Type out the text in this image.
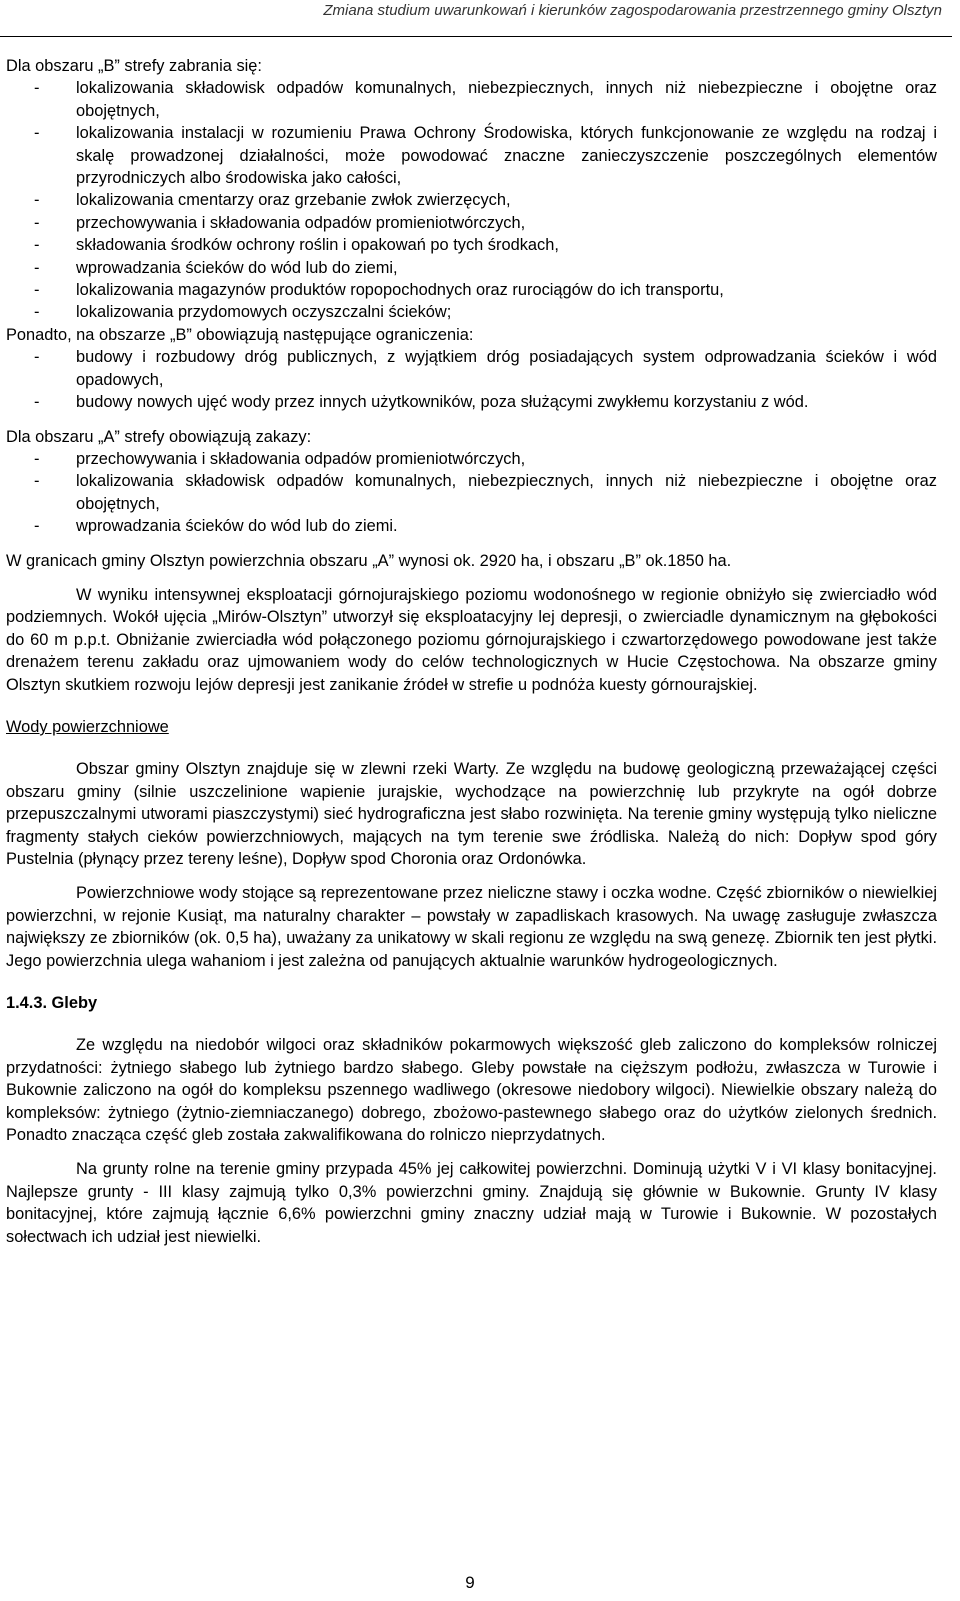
Zmiana studium uwarunkowań i kierunków zagospodarowania przestrzennego gminy Olsztyn

Dla obszaru „B” strefy zabrania się:

- lokalizowania składowisk odpadów komunalnych, niebezpiecznych, innych niż niebezpieczne i obojętne oraz obojętnych,
- lokalizowania instalacji w rozumieniu Prawa Ochrony Środowiska, których funkcjonowanie ze względu na rodzaj i skalę prowadzonej działalności, może powodować znaczne zanieczyszczenie poszczególnych elementów przyrodniczych albo środowiska jako całości,
- lokalizowania cmentarzy oraz grzebanie zwłok zwierzęcych,
- przechowywania i składowania odpadów promieniotwórczych,
- składowania środków ochrony roślin i opakowań po tych środkach,
- wprowadzania ścieków do wód lub do ziemi,
- lokalizowania magazynów produktów ropopochodnych oraz rurociągów do ich transportu,
- lokalizowania przydomowych oczyszczalni ścieków;

Ponadto, na obszarze „B” obowiązują następujące ograniczenia:

- budowy i rozbudowy dróg publicznych, z wyjątkiem dróg posiadających system odprowadzania ścieków i wód opadowych,
- budowy nowych ujęć wody przez innych użytkowników, poza służącymi zwykłemu korzystaniu z wód.

Dla obszaru „A” strefy obowiązują zakazy:

- przechowywania i składowania odpadów promieniotwórczych,
- lokalizowania składowisk odpadów komunalnych, niebezpiecznych, innych niż niebezpieczne i obojętne oraz obojętnych,
- wprowadzania ścieków do wód lub do ziemi.

W granicach gminy Olsztyn powierzchnia obszaru „A” wynosi ok. 2920 ha, i obszaru „B” ok.1850 ha.

W wyniku intensywnej eksploatacji górnojurajskiego poziomu wodonośnego w regionie obniżyło się zwierciadło wód podziemnych. Wokół ujęcia „Mirów-Olsztyn” utworzył się eksploatacyjny lej depresji, o zwierciadle dynamicznym na głębokości do 60 m p.p.t. Obniżanie zwierciadła wód połączonego poziomu górnojurajskiego i czwartorzędowego powodowane jest także drenażem terenu zakładu oraz ujmowaniem wody do celów technologicznych w Hucie Częstochowa. Na obszarze gminy Olsztyn skutkiem rozwoju lejów depresji jest zanikanie źródeł w strefie u podnóża kuesty górnourajskiej.

Wody powierzchniowe

Obszar gminy Olsztyn znajduje się w zlewni rzeki Warty. Ze względu na budowę geologiczną przeważającej części obszaru gminy (silnie uszczelinione wapienie jurajskie, wychodzące na powierzchnię lub przykryte na ogół dobrze przepuszczalnymi utworami piaszczystymi) sieć hydrograficzna jest słabo rozwinięta. Na terenie gminy występują tylko nieliczne fragmenty stałych cieków powierzchniowych, mających na tym terenie swe źródliska. Należą do nich: Dopływ spod góry Pustelnia (płynący przez tereny leśne), Dopływ spod Choronia oraz Ordonówka.

Powierzchniowe wody stojące są reprezentowane przez nieliczne stawy i oczka wodne. Część zbiorników o niewielkiej powierzchni, w rejonie Kusiąt, ma naturalny charakter – powstały w zapadliskach krasowych. Na uwagę zasługuje zwłaszcza największy ze zbiorników (ok. 0,5 ha), uważany za unikatowy w skali regionu ze względu na swą genezę. Zbiornik ten jest płytki. Jego powierzchnia ulega wahaniom i jest zależna od panujących aktualnie warunków hydrogeologicznych.

1.4.3. Gleby

Ze względu na niedobór wilgoci oraz składników pokarmowych większość gleb zaliczono do kompleksów rolniczej przydatności: żytniego słabego lub żytniego bardzo słabego. Gleby powstałe na cięższym podłożu, zwłaszcza w Turowie i Bukownie zaliczono na ogół do kompleksu pszennego wadliwego (okresowe niedobory wilgoci). Niewielkie obszary należą do kompleksów: żytniego (żytnio-ziemniaczanego) dobrego, zbożowo-pastewnego słabego oraz do użytków zielonych średnich. Ponadto znacząca część gleb została zakwalifikowana do rolniczo nieprzydatnych.

Na grunty rolne na terenie gminy przypada 45% jej całkowitej powierzchni. Dominują użytki V i VI klasy bonitacyjnej. Najlepsze grunty - III klasy zajmują tylko 0,3% powierzchni gminy. Znajdują się głównie w Bukownie. Grunty IV klasy bonitacyjnej, które zajmują łącznie 6,6% powierzchni gminy znaczny udział mają w Turowie i Bukownie. W pozostałych sołectwach ich udział jest niewielki.

9
